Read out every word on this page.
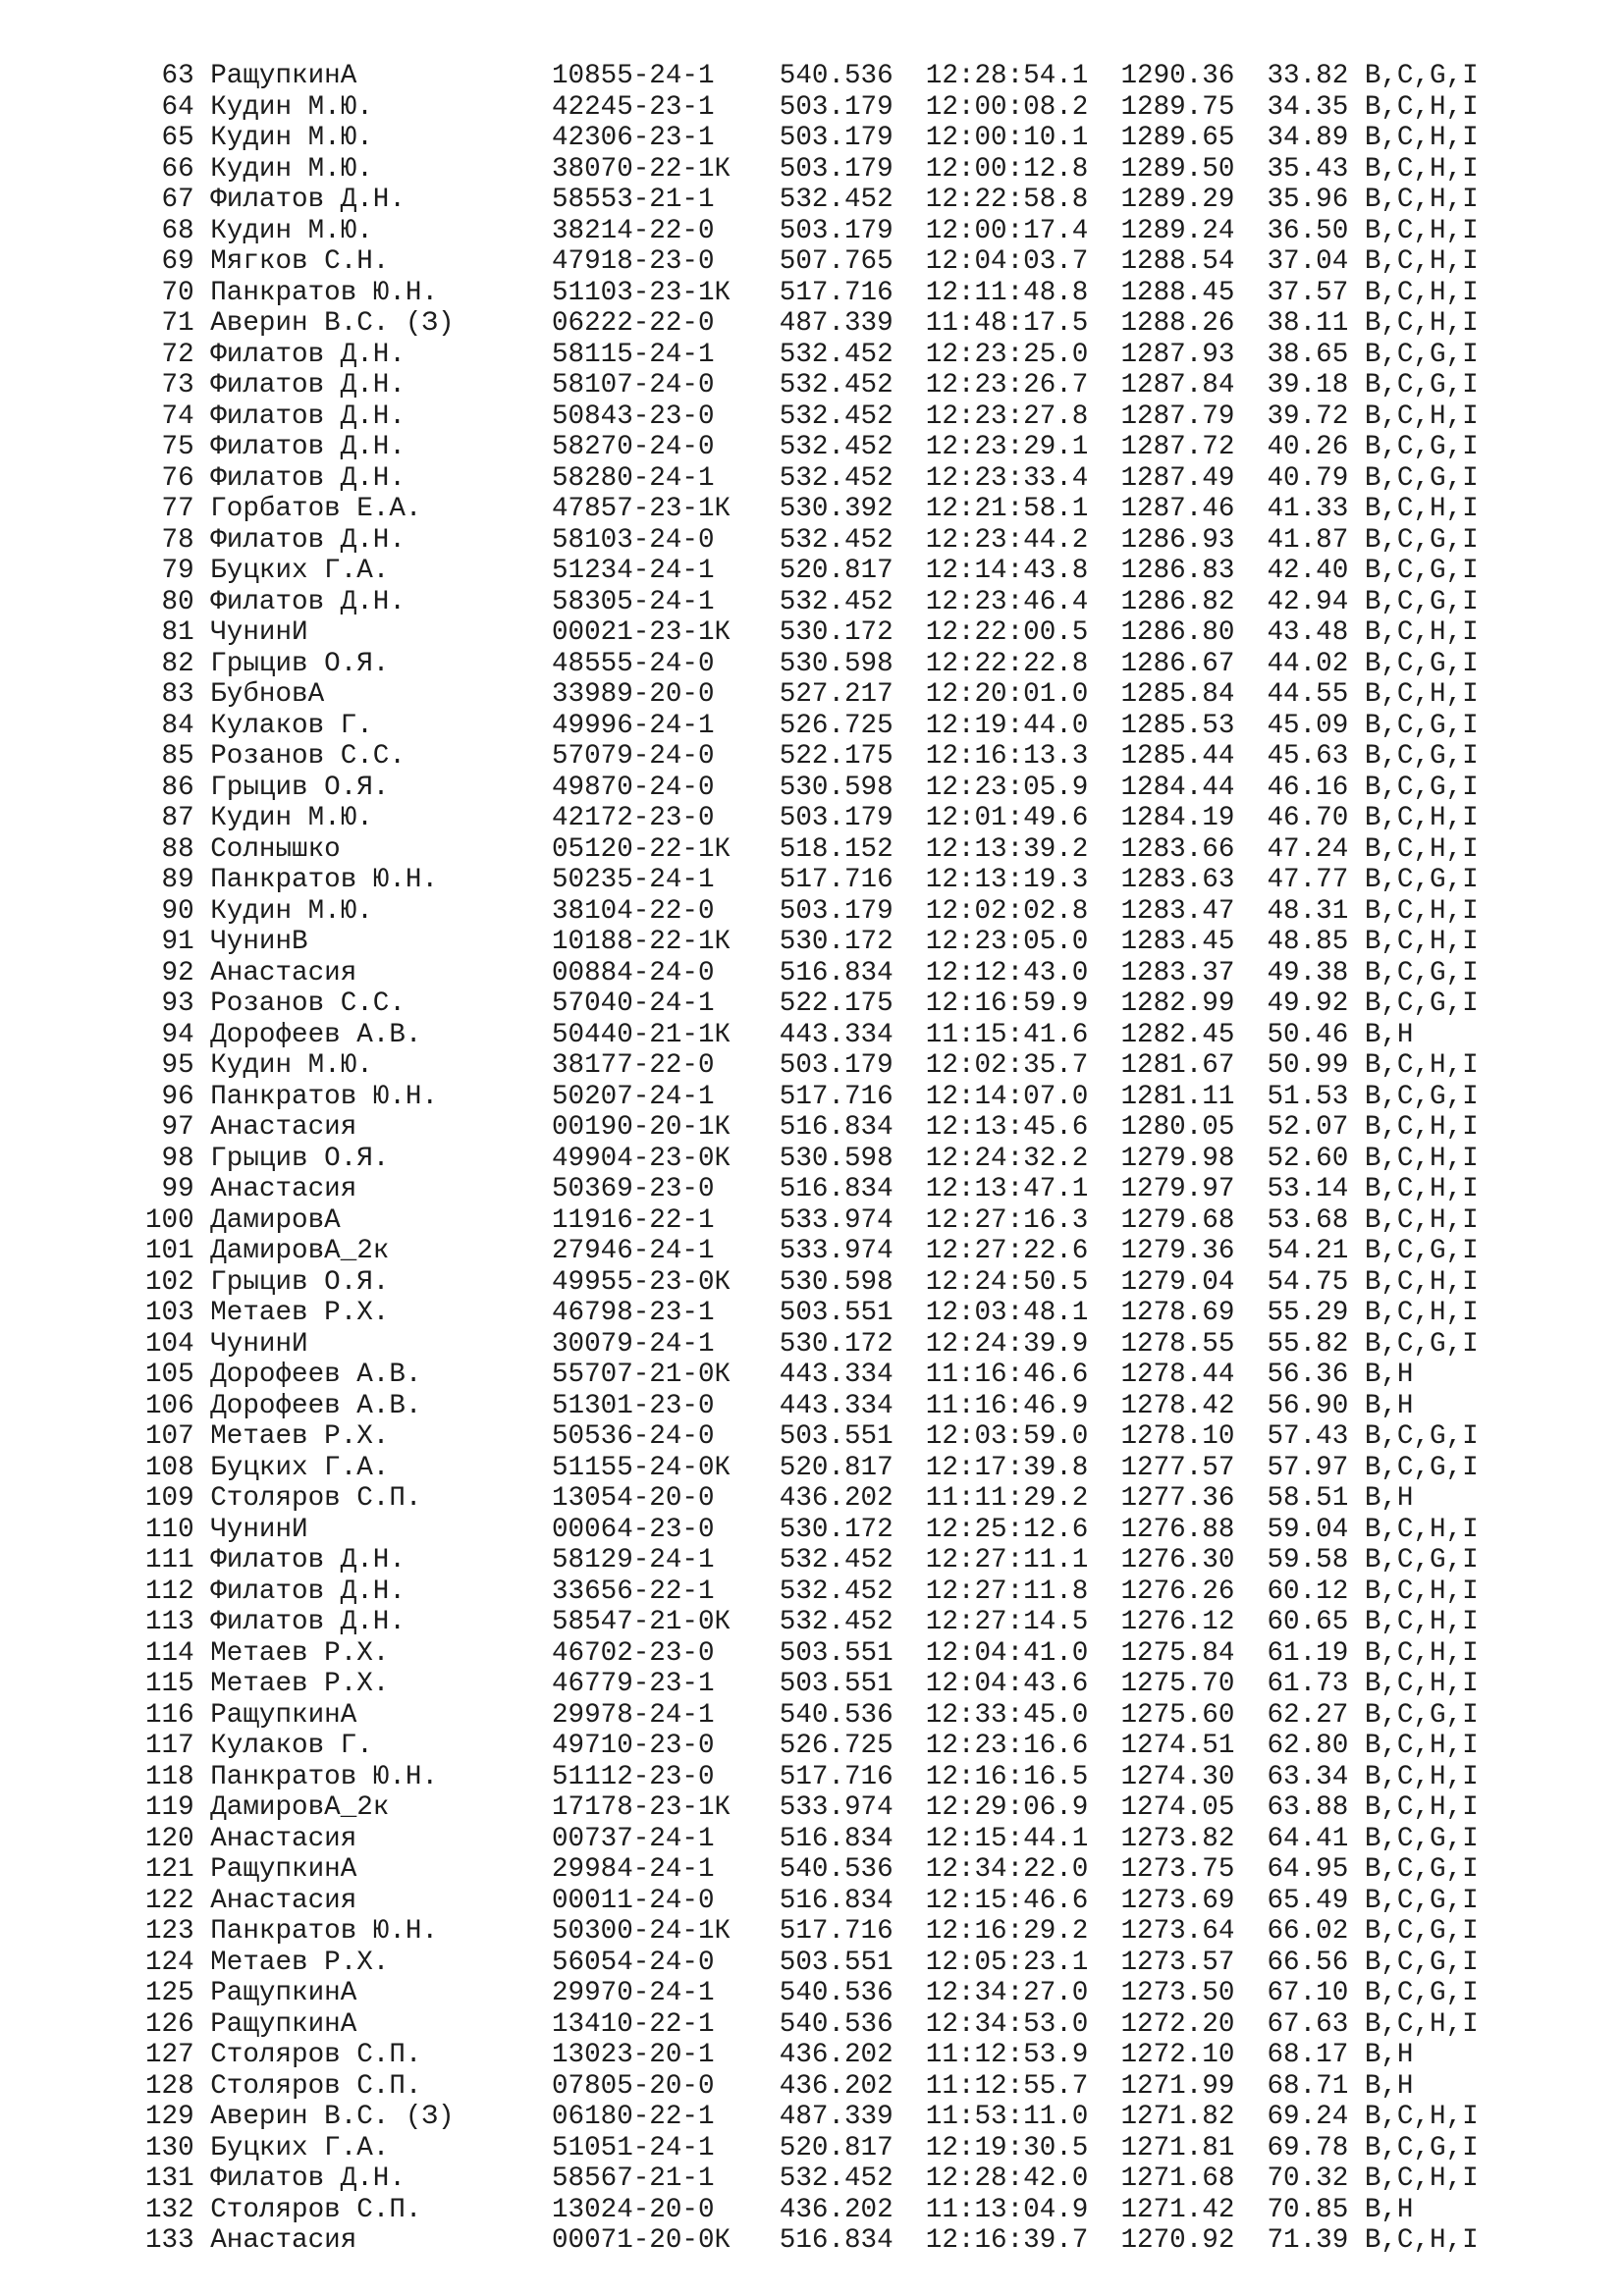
63 РащупкинА	10855-24-1 540.536 12:28:54.1 1290.36 33.82 B,C,G,I
64 Кудин М.Ю.	42245-23-1 503.179 12:00:08.2 1289.75 34.35 B,C,H,I
65 Кудин М.Ю.	42306-23-1 503.179 12:00:10.1 1289.65 34.89 B,C,H,I
66 Кудин М.Ю.	38070-22-1К 503.179 12:00:12.8 1289.50 35.43 B,C,H,I
67 Филатов Д.Н.	58553-21-1 532.452 12:22:58.8 1289.29 35.96 B,C,H,I
68 Кудин М.Ю.	38214-22-0 503.179 12:00:17.4 1289.24 36.50 B,C,H,I
69 Мягков С.Н.	47918-23-0 507.765 12:04:03.7 1288.54 37.04 B,C,H,I
70 Панкратов Ю.Н.	51103-23-1К 517.716 12:11:48.8 1288.45 37.57 B,C,H,I
71 Аверин В.С. (З)	06222-22-0 487.339 11:48:17.5 1288.26 38.11 B,C,H,I
72 Филатов Д.Н.	58115-24-1 532.452 12:23:25.0 1287.93 38.65 B,C,G,I
73 Филатов Д.Н.	58107-24-0 532.452 12:23:26.7 1287.84 39.18 B,C,G,I
74 Филатов Д.Н.	50843-23-0 532.452 12:23:27.8 1287.79 39.72 B,C,H,I
75 Филатов Д.Н.	58270-24-0 532.452 12:23:29.1 1287.72 40.26 B,C,G,I
76 Филатов Д.Н.	58280-24-1 532.452 12:23:33.4 1287.49 40.79 B,C,G,I
77 Горбатов Е.А.	47857-23-1К 530.392 12:21:58.1 1287.46 41.33 B,C,H,I
78 Филатов Д.Н.	58103-24-0 532.452 12:23:44.2 1286.93 41.87 B,C,G,I
79 Буцких Г.А.	51234-24-1 520.817 12:14:43.8 1286.83 42.40 B,C,G,I
80 Филатов Д.Н.	58305-24-1 532.452 12:23:46.4 1286.82 42.94 B,C,G,I
81 ЧунинИ	00021-23-1К 530.172 12:22:00.5 1286.80 43.48 B,C,H,I
82 Грыцив О.Я.	48555-24-0 530.598 12:22:22.8 1286.67 44.02 B,C,G,I
83 БубновА	33989-20-0 527.217 12:20:01.0 1285.84 44.55 B,C,H,I
84 Кулаков Г.	49996-24-1 526.725 12:19:44.0 1285.53 45.09 B,C,G,I
85 Розанов С.С.	57079-24-0 522.175 12:16:13.3 1285.44 45.63 B,C,G,I
86 Грыцив О.Я.	49870-24-0 530.598 12:23:05.9 1284.44 46.16 B,C,G,I
87 Кудин М.Ю.	42172-23-0 503.179 12:01:49.6 1284.19 46.70 B,C,H,I
88 Солнышко	05120-22-1К 518.152 12:13:39.2 1283.66 47.24 B,C,H,I
89 Панкратов Ю.Н.	50235-24-1 517.716 12:13:19.3 1283.63 47.77 B,C,G,I
90 Кудин М.Ю.	38104-22-0 503.179 12:02:02.8 1283.47 48.31 B,C,H,I
91 ЧунинВ	10188-22-1К 530.172 12:23:05.0 1283.45 48.85 B,C,H,I
92 Анастасия	00884-24-0 516.834 12:12:43.0 1283.37 49.38 B,C,G,I
93 Розанов С.С.	57040-24-1 522.175 12:16:59.9 1282.99 49.92 B,C,G,I
94 Дорофеев А.В.	50440-21-1К 443.334 11:15:41.6 1282.45 50.46 B,H
95 Кудин М.Ю.	38177-22-0 503.179 12:02:35.7 1281.67 50.99 B,C,H,I
96 Панкратов Ю.Н.	50207-24-1 517.716 12:14:07.0 1281.11 51.53 B,C,G,I
97 Анастасия	00190-20-1К 516.834 12:13:45.6 1280.05 52.07 B,C,H,I
98 Грыцив О.Я.	49904-23-0К 530.598 12:24:32.2 1279.98 52.60 B,C,H,I
99 Анастасия	50369-23-0 516.834 12:13:47.1 1279.97 53.14 B,C,H,I
100 ДамировА	11916-22-1 533.974 12:27:16.3 1279.68 53.68 B,C,H,I
101 ДамировА_2к	27946-24-1 533.974 12:27:22.6 1279.36 54.21 B,C,G,I
102 Грыцив О.Я.	49955-23-0К 530.598 12:24:50.5 1279.04 54.75 B,C,H,I
103 Метаев Р.Х.	46798-23-1 503.551 12:03:48.1 1278.69 55.29 B,C,H,I
104 ЧунинИ	30079-24-1 530.172 12:24:39.9 1278.55 55.82 B,C,G,I
105 Дорофеев А.В.	55707-21-0К 443.334 11:16:46.6 1278.44 56.36 B,H
106 Дорофеев А.В.	51301-23-0 443.334 11:16:46.9 1278.42 56.90 B,H
107 Метаев Р.Х.	50536-24-0 503.551 12:03:59.0 1278.10 57.43 B,C,G,I
108 Буцких Г.А.	51155-24-0К 520.817 12:17:39.8 1277.57 57.97 B,C,G,I
109 Столяров С.П.	13054-20-0 436.202 11:11:29.2 1277.36 58.51 B,H
110 ЧунинИ	00064-23-0 530.172 12:25:12.6 1276.88 59.04 B,C,H,I
111 Филатов Д.Н.	58129-24-1 532.452 12:27:11.1 1276.30 59.58 B,C,G,I
112 Филатов Д.Н.	33656-22-1 532.452 12:27:11.8 1276.26 60.12 B,C,H,I
113 Филатов Д.Н.	58547-21-0К 532.452 12:27:14.5 1276.12 60.65 B,C,H,I
114 Метаев Р.Х.	46702-23-0 503.551 12:04:41.0 1275.84 61.19 B,C,H,I
115 Метаев Р.Х.	46779-23-1 503.551 12:04:43.6 1275.70 61.73 B,C,H,I
116 РащупкинА	29978-24-1 540.536 12:33:45.0 1275.60 62.27 B,C,G,I
117 Кулаков Г.	49710-23-0 526.725 12:23:16.6 1274.51 62.80 B,C,H,I
118 Панкратов Ю.Н.	51112-23-0 517.716 12:16:16.5 1274.30 63.34 B,C,H,I
119 ДамировА_2к	17178-23-1К 533.974 12:29:06.9 1274.05 63.88 B,C,H,I
120 Анастасия	00737-24-1 516.834 12:15:44.1 1273.82 64.41 B,C,G,I
121 РащупкинА	29984-24-1 540.536 12:34:22.0 1273.75 64.95 B,C,G,I
122 Анастасия	00011-24-0 516.834 12:15:46.6 1273.69 65.49 B,C,G,I
123 Панкратов Ю.Н.	50300-24-1К 517.716 12:16:29.2 1273.64 66.02 B,C,G,I
124 Метаев Р.Х.	56054-24-0 503.551 12:05:23.1 1273.57 66.56 B,C,G,I
125 РащупкинА	29970-24-1 540.536 12:34:27.0 1273.50 67.10 B,C,G,I
126 РащупкинА	13410-22-1 540.536 12:34:53.0 1272.20 67.63 B,C,H,I
127 Столяров С.П.	13023-20-1 436.202 11:12:53.9 1272.10 68.17 B,H
128 Столяров С.П.	07805-20-0 436.202 11:12:55.7 1271.99 68.71 B,H
129 Аверин В.С. (З)	06180-22-1 487.339 11:53:11.0 1271.82 69.24 B,C,H,I
130 Буцких Г.А.	51051-24-1 520.817 12:19:30.5 1271.81 69.78 B,C,G,I
131 Филатов Д.Н.	58567-21-1 532.452 12:28:42.0 1271.68 70.32 B,C,H,I
132 Столяров С.П.	13024-20-0 436.202 11:13:04.9 1271.42 70.85 B,H
133 Анастасия	00071-20-0К 516.834 12:16:39.7 1270.92 71.39 B,C,H,I
